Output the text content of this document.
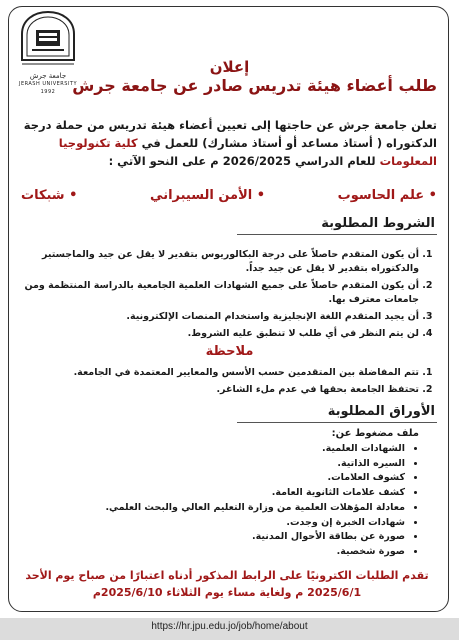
جامعة جرش
JERASH UNIVERSITY
1992
إعلان
طلب أعضاء هيئة تدريس صادر عن جامعة جرش
تعلن جامعة جرش عن حاجتها إلى تعيين أعضاء هيئة تدريس من حملة درجة الدكتوراه ( أستاذ مساعد أو أستاذ مشارك) للعمل في كلية تكنولوجيا المعلومات للعام الدراسي 2026/2025 م على النحو الآتي :
• علم الحاسوب
• الأمن السيبراني
• شبكات
الشروط المطلوبة
1. أن يكون المتقدم حاصلاً على درجة البكالوريوس بتقدير لا يقل عن جيد والماجستير والدكتوراه بتقدير لا يقل عن جيد جداً.
2. أن يكون المتقدم حاصلاً على جميع الشهادات العلمية الجامعية بالدراسة المنتظمة ومن جامعات معترف بها.
3. أن يجيد المتقدم اللغة الإنجليزية واستخدام المنصات الإلكترونية.
4. لن يتم النظر في أي طلب لا تنطبق عليه الشروط.
ملاحظة
1. تتم المفاضلة بين المتقدمين حسب الأسس والمعايير المعتمدة في الجامعة.
2. تحتفظ الجامعة بحقها في عدم ملء الشاغر.
الأوراق المطلوبة
ملف مضغوط عن:
• الشهادات العلمية.
• السيره الذاتية.
• كشوف العلامات.
• كشف علامات الثانوية العامة.
• معادلة المؤهلات العلمية من وزارة التعليم العالي والبحث العلمي.
• شهادات الخبرة إن وجدت.
• صورة عن بطاقة الأحوال المدنية.
• صورة شخصية.
تقدم الطلبات الكترونيًا على الرابط المذكور أدناه اعتبارًا من صباح يوم الأحد
2025/6/1 م ولغاية مساء يوم الثلاثاء 2025/6/10م
https://hr.jpu.edu.jo/job/home/about
